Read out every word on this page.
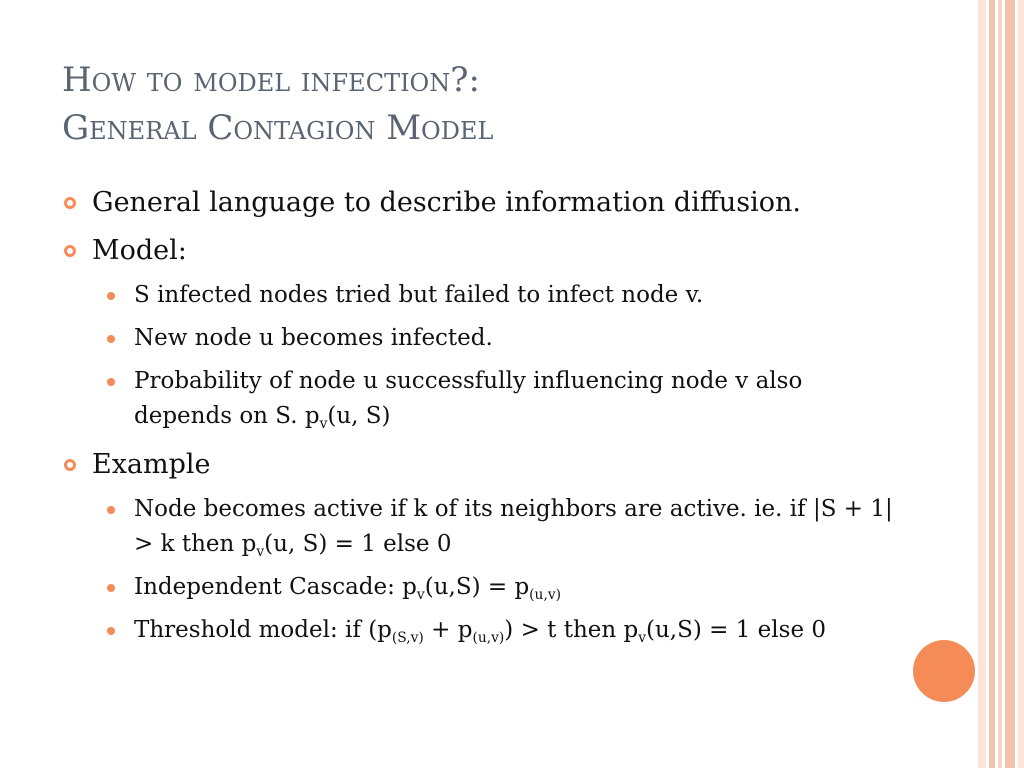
How to model infection?:
General Contagion Model
General language to describe information diffusion.
Model:
S infected nodes tried but failed to infect node v.
New node u becomes infected.
Probability of node u successfully influencing node v also depends on S. $p_v(u$, S)
Example
Node becomes active if k of its neighbors are active. ie. if |S + 1| > k then $p_v(u$, S) = 1 else 0
Independent Cascade: $p_v(u,S) = p_{(u,v)}$
Threshold model: if $(p_{(S,v)} + p_{(u,v)}) > t$ then $p_v(u,S) = 1$ else 0
